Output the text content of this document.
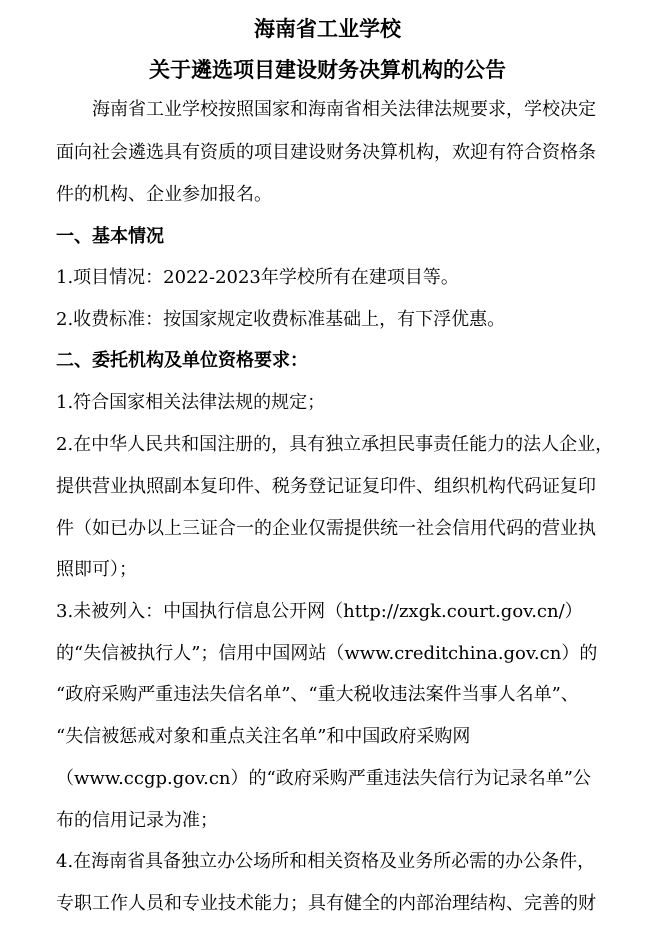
海南省工业学校
关于遴选项目建设财务决算机构的公告
海南省工业学校按照国家和海南省相关法律法规要求，学校决定
面向社会遴选具有资质的项目建设财务决算机构，欢迎有符合资格条
件的机构、企业参加报名。
一、基本情况
1.项目情况：2022-2023年学校所有在建项目等。
2.收费标准：按国家规定收费标准基础上，有下浮优惠。
二、委托机构及单位资格要求：
1.符合国家相关法律法规的规定；
2.在中华人民共和国注册的，具有独立承担民事责任能力的法人企业，
提供营业执照副本复印件、税务登记证复印件、组织机构代码证复印
件（如已办以上三证合一的企业仅需提供统一社会信用代码的营业执
照即可）；
3.未被列入：中国执行信息公开网（http://zxgk.court.gov.cn/）
的“失信被执行人”；信用中国网站（www.creditchina.gov.cn）的
“政府采购严重违法失信名单”、“重大税收违法案件当事人名单”、
“失信被惩戒对象和重点关注名单”和中国政府采购网
（www.ccgp.gov.cn）的“政府采购严重违法失信行为记录名单”公
布的信用记录为准；
4.在海南省具备独立办公场所和相关资格及业务所必需的办公条件，
专职工作人员和专业技术能力；具有健全的内部治理结构、完善的财
